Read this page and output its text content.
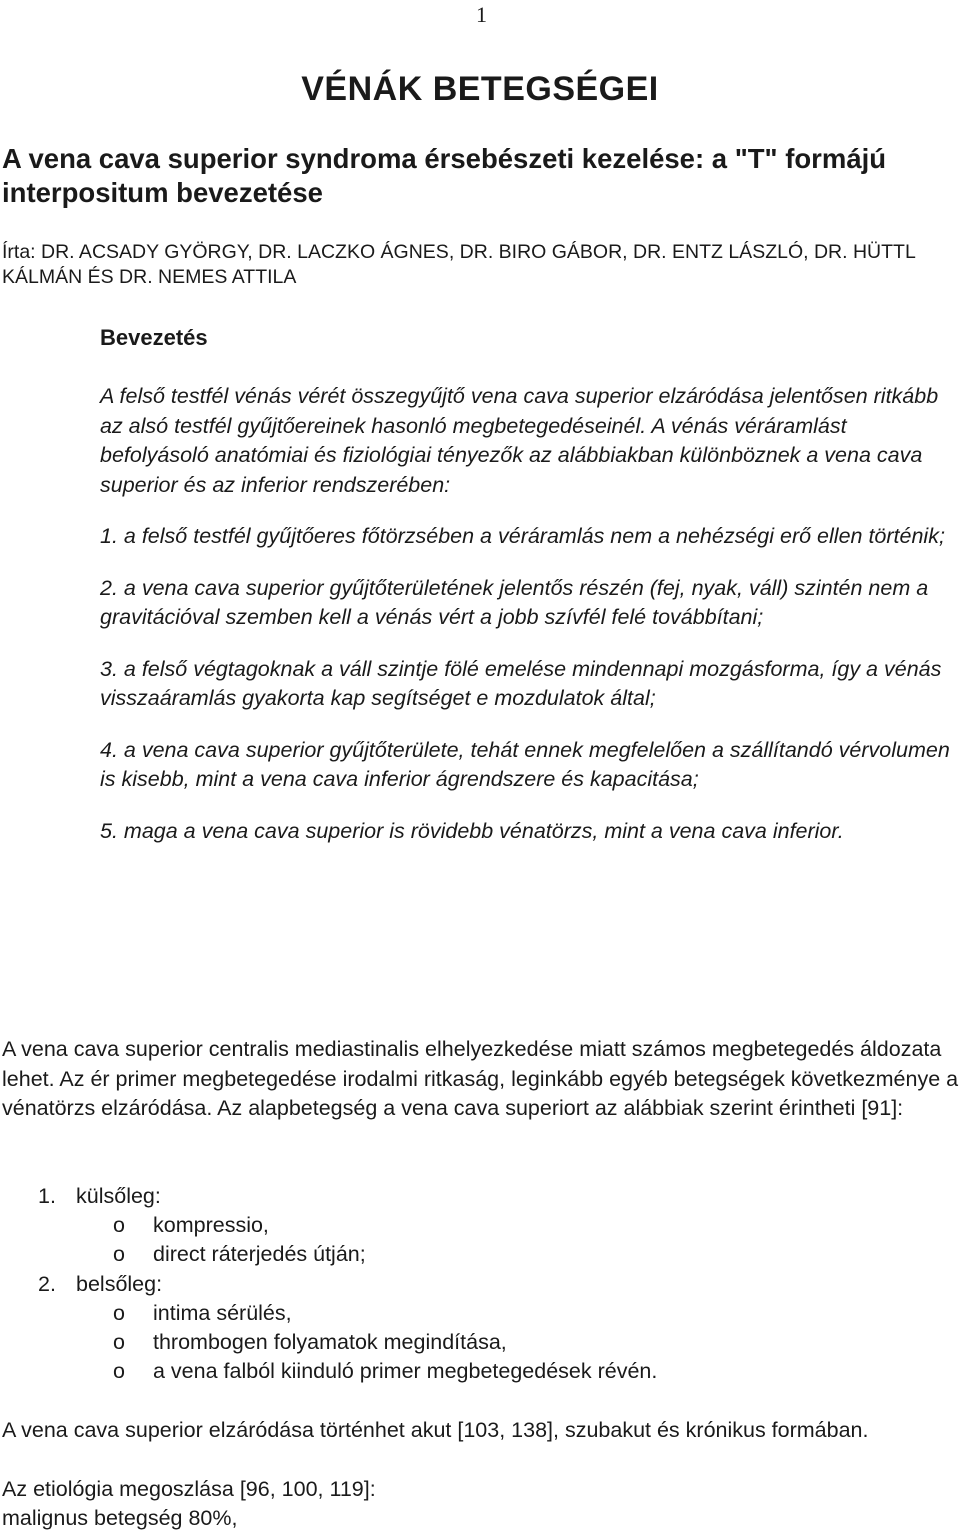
1
VÉNÁK BETEGSÉGEI
A vena cava superior syndroma érsebészeti kezelése: a "T" formájú interpositum bevezetése

Írta: DR. ACSADY GYÖRGY, DR. LACZKO ÁGNES, DR. BIRO GÁBOR, DR. ENTZ LÁSZLÓ, DR. HÜTTL KÁLMÁN ÉS DR. NEMES ATTILA

Bevezetés

A felső testfél vénás vérét összegyűjtő vena cava superior elzáródása jelentősen ritkább az alsó testfél gyűjtőereinek hasonló megbetegedéseinél. A vénás véráramlást befolyásoló anatómiai és fiziológiai tényezők az alábbiakban különböznek a vena cava superior és az inferior rendszerében:

1. a felső testfél gyűjtőeres főtörzsében a véráramlás nem a nehézségi erő ellen történik;

2. a vena cava superior gyűjtőterületének jelentős részén (fej, nyak, váll) szintén nem a gravitációval szemben kell a vénás vért a jobb szívfél felé továbbítani;

3. a felső végtagoknak a váll szintje fölé emelése mindennapi mozgásforma, így a vénás visszaáramlás gyakorta kap segítséget e mozdulatok által;

4. a vena cava superior gyűjtőterülete, tehát ennek megfelelően a szállítandó vérvolumen is kisebb, mint a vena cava inferior ágrendszere és kapacitása;

5. maga a vena cava superior is rövidebb vénatörzs, mint a vena cava inferior.

A vena cava superior centralis mediastinalis elhelyezkedése miatt számos megbetegedés áldozata lehet. Az ér primer megbetegedése irodalmi ritkaság, leginkább egyéb betegségek következménye a vénatörzs elzáródása. Az alapbetegség a vena cava superiort az alábbiak szerint érintheti [91]:

1. külsőleg:
o kompressio,
o direct ráterjedés útján;
2. belsőleg:
o intima sérülés,
o thrombogen folyamatok megindítása,
o a vena falból kiinduló primer megbetegedések révén.

A vena cava superior elzáródása történhet akut [103, 138], szubakut és krónikus formában.

Az etiológia megoszlása [96, 100, 119]:

malignus betegség 80%,
